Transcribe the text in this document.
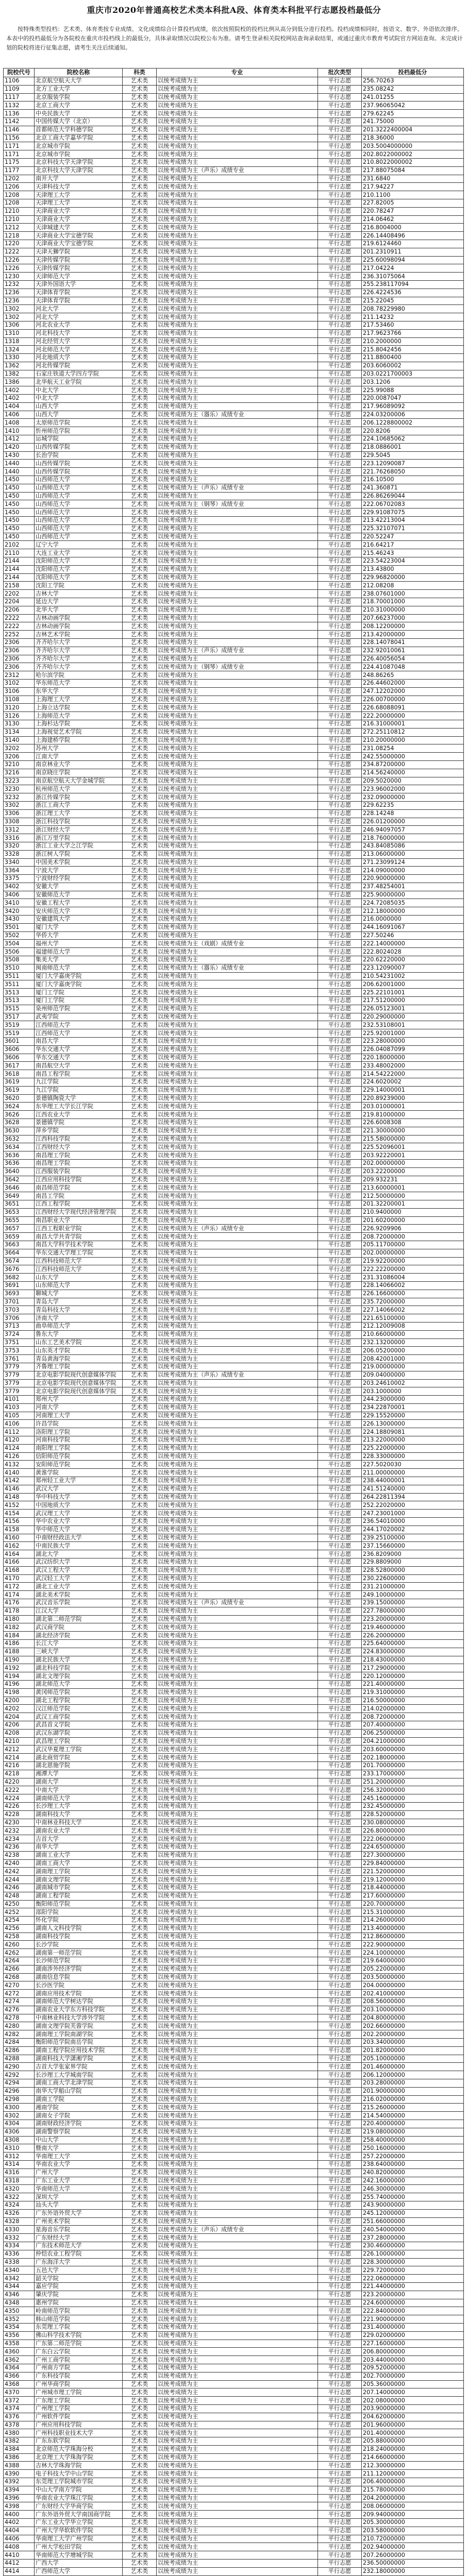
重庆市2020年普通高校艺术类本科批A段、体育类本科批平行志愿投档最低分
按特殊类型投档：艺术类、体育类按专业成绩、文化成绩综合计算投档成绩，依次按照院校的投档比例从高分到低分进行投档。投档成绩相同时，按语文、数学、外语依次排序。本表中的投档最低分为各院校在重庆市投档线上的最低分，具体录取情况以院校公布为准。请考生登录相关院校网站查询录取结果，或通过重庆市教育考试院官方网站查询。未完成计划的院校将进行征集志愿，请考生关注后续通知。
院校代号	院校名称	科类	专业	批次类型	投档最低分
1106	北京航空航天大学	艺术类	以统考成绩为主	平行志愿	256.70263
1109	北方工业大学	艺术类	以统考成绩为主	平行志愿	235.08242
1117	北京服装学院	艺术类	以统考成绩为主	平行志愿	241.01255
1132	北京工商大学	艺术类	以统考成绩为主	平行志愿	237.96065042
1136	中央民族大学	艺术类	以统考成绩为主	平行志愿	279.62245
1142	中国传媒大学（北京）	艺术类	以统考成绩为主	平行志愿	241.75000
1146	首都师范大学科德学院	艺术类	以统考成绩为主	平行志愿	201.3222400004
1156	北京工商大学嘉华学院	艺术类	以统考成绩为主	平行志愿	218.36000
1171	北京城市学院	艺术类	以统考成绩为主	平行志愿	203.5004000000
1171	北京城市学院	艺术类	以统考成绩为主	平行志愿	202.8022000002
1175	北京科技大学天津学院	艺术类	以统考成绩为主	平行志愿	210.8022000002
1177	北京科技大学天津学院	艺术类	以统考成绩为主（声乐）成绩专业	平行志愿	217.88075084
1202	南开大学	艺术类	以统考成绩为主	平行志愿	231.6840
1206	天津科技大学	艺术类	以统考成绩为主	平行志愿	217.94227
1208	天津理工大学	艺术类	以统考成绩为主	平行志愿	210.1100
1208	天津理工大学	艺术类	以统考成绩为主	平行志愿	227.82005
1210	天津商业大学	艺术类	以统考成绩为主	平行志愿	220.78247
1210	天津商业大学	艺术类	以统考成绩为主	平行志愿	214.06462
1212	天津城建大学	艺术类	以统考成绩为主	平行志愿	216.8004000
1218	天津商业大学宝德学院	艺术类	以统考成绩为主	平行志愿	226.14408496
1220	天津商业大学宝德学院	艺术类	以统考成绩为主	平行志愿	219.6124460
1222	天津天狮学院	艺术类	以统考成绩为主	平行志愿	201.2310911
1226	天津传媒学院	艺术类	以统考成绩为主	平行志愿	225.60098094
1226	天津传媒学院	艺术类	以统考成绩为主	平行志愿	217.04224
1230	天津师范大学	艺术类	以统考成绩为主	平行志愿	236.31075064
1232	天津外国语大学	艺术类	以统考成绩为主	平行志愿	255.238117094
1236	天津体育学院	艺术类	以统考成绩为主	平行志愿	226.4224536
1236	天津体育学院	艺术类	以统考成绩为主	平行志愿	215.22045
1302	河北大学	艺术类	以统考成绩为主	平行志愿	208.78229980
1302	河北大学	艺术类	以统考成绩为主	平行志愿	211.14232
1306	河北农业大学	艺术类	以统考成绩为主	平行志愿	217.53460
1310	河北科技大学	艺术类	以统考成绩为主	平行志愿	217.9623766
1318	河北经贸大学	艺术类	以统考成绩为主	平行志愿	210.2000000
1324	河北师范大学	艺术类	以统考成绩为主	平行志愿	215.8042456
1330	河北地质大学	艺术类	以统考成绩为主	平行志愿	211.8800400
1362	河北传媒学院	艺术类	以统考成绩为主	平行志愿	203.6060002
1382	石家庄铁道大学四方学院	艺术类	以统考成绩为主	平行志愿	203.0221700003
1386	北华航天工业学院	艺术类	以统考成绩为主	平行志愿	203.1206
1402	中北大学	艺术类	以统考成绩为主	平行志愿	225.99088
1402	中北大学	艺术类	以统考成绩为主	平行志愿	220.0087047
1404	山西大学	艺术类	以统考成绩为主	平行志愿	217.96089092
1406	山西大学	艺术类	以统考成绩为主（器乐）成绩专业	平行志愿	224.03200006
1408	太原师范学院	艺术类	以统考成绩为主	平行志愿	206.1228800002
1410	忻州师范学院	艺术类	以统考成绩为主	平行志愿	220.8206
1412	运城学院	艺术类	以统考成绩为主	平行志愿	224.10685062
1420	山西传媒学院	艺术类	以统考成绩为主	平行志愿	218.0886001
1430	长治学院	艺术类	以统考成绩为主	平行志愿	229.5045
1440	山西传媒学院	艺术类	以统考成绩为主	平行志愿	223.12090087
1440	山西传媒学院	艺术类	以统考成绩为主	平行志愿	221.76268050
1450	山西师范大学	艺术类	以统考成绩为主	平行志愿	216.10500
1450	山西师范大学	艺术类	以统考成绩为主（声乐）成绩专业	平行志愿	241.360871
1450	山西师范大学	艺术类	以统考成绩为主	平行志愿	226.86269044
1450	山西师范大学	艺术类	以统考成绩为主（钢琴）成绩专业	平行志愿	222.06702083
1450	山西师范大学	艺术类	以统考成绩为主	平行志愿	229.91087075
1450	山西师范大学	艺术类	以统考成绩为主	平行志愿	213.42213004
1450	山西师范大学	艺术类	以统考成绩为主	平行志愿	225.32107071
1450	山西师范大学	艺术类	以统考成绩为主	平行志愿	220.52247
2102	辽宁大学	艺术类	以统考成绩为主	平行志愿	216.64217
2110	大连工业大学	艺术类	以统考成绩为主	平行志愿	215.46243
2144	沈阳师范大学	艺术类	以统考成绩为主	平行志愿	223.54223004
2144	沈阳师范大学	艺术类	以统考成绩为主	平行志愿	213.43800
2144	沈阳师范大学	艺术类	以统考成绩为主	平行志愿	229.96820000
2158	沈阳工学院	艺术类	以统考成绩为主	平行志愿	212.08208
2202	吉林大学	艺术类	以统考成绩为主	平行志愿	238.07601000
2204	延边大学	艺术类	以统考成绩为主	平行志愿	218.70001000
2206	北华大学	艺术类	以统考成绩为主	平行志愿	210.31000000
2222	吉林动画学院	艺术类	以统考成绩为主	平行志愿	207.66237000
2222	吉林动画学院	艺术类	以统考成绩为主	平行志愿	208.12200000
2252	吉林艺术学院	艺术类	以统考成绩为主	平行志愿	213.42000000
2306	齐齐哈尔大学	艺术类	以统考成绩为主	平行志愿	228.14078041
2306	齐齐哈尔大学	艺术类	以统考成绩为主（声乐）成绩专业	平行志愿	232.92010061
2306	齐齐哈尔大学	艺术类	以统考成绩为主	平行志愿	226.40056054
2306	齐齐哈尔大学	艺术类	以统考成绩为主（钢琴）成绩专业	平行志愿	224.41087048
2312	哈尔滨学院	艺术类	以统考成绩为主	平行志愿	248.86265
3102	华东师范大学	艺术类	以统考成绩为主	平行志愿	226.44602000
3106	东华大学	艺术类	以统考成绩为主	平行志愿	247.12202000
3108	上海理工大学	艺术类	以统考成绩为主	平行志愿	226.00700000
3120	上海立达学院	艺术类	以统考成绩为主	平行志愿	226.68088091
3126	上海师范大学	艺术类	以统考成绩为主	平行志愿	222.20000000
3130	上海杉达学院	艺术类	以统考成绩为主	平行志愿	216.31000001
3134	上海视觉艺术学院	艺术类	以统考成绩为主	平行志愿	272.25110812
3140	上海建桥学院	艺术类	以统考成绩为主	平行志愿	210.20000000
3202	苏州大学	艺术类	以统考成绩为主	平行志愿	231.08254
3206	江南大学	艺术类	以统考成绩为主	平行志愿	242.55000000
3210	南京林业大学	艺术类	以统考成绩为主	平行志愿	234.87200000
3216	南京晓庄学院	艺术类	以统考成绩为主	平行志愿	214.56240000
3223	南京航空航天大学金城学院	艺术类	以统考成绩为主	平行志愿	209.5020000
3230	杭州师范大学	艺术类	以统考成绩为主	平行志愿	223.96002000
3232	浙江传媒学院	艺术类	以统考成绩为主	平行志愿	232.09000000
3302	浙江工商大学	艺术类	以统考成绩为主	平行志愿	229.62235
3306	浙江理工大学	艺术类	以统考成绩为主	平行志愿	228.14248
3308	浙江科技学院	艺术类	以统考成绩为主	平行志愿	226.01200000
3312	浙江财经大学	艺术类	以统考成绩为主	平行志愿	246.94097057
3316	浙江万里学院	艺术类	以统考成绩为主	平行志愿	218.76000000
3320	浙江工业大学之江学院	艺术类	以统考成绩为主	平行志愿	243.84085086
3328	浙江树人学院	艺术类	以统考成绩为主	平行志愿	213.06000000
3340	中国美术学院	艺术类	以统考成绩为主	平行志愿	271.23099124
3364	宁波大学	艺术类	以统考成绩为主	平行志愿	214.09000000
3375	宁波财经学院	艺术类	以统考成绩为主	平行志愿	220.90000000
3402	安徽大学	艺术类	以统考成绩为主	平行志愿	237.48254001
3406	安徽师范大学	艺术类	以统考成绩为主	平行志愿	225.90000000
3410	安徽工程大学	艺术类	以统考成绩为主	平行志愿	224.72085035
3420	安庆师范大学	艺术类	以统考成绩为主	平行志愿	212.18000000
3430	安徽建筑大学	艺术类	以统考成绩为主	平行志愿	216.0000000
3501	厦门大学	艺术类	以统考成绩为主	平行志愿	244.16091067
3502	华侨大学	艺术类	以统考成绩为主	平行志愿	227.50246
3504	福州大学	艺术类	以统考成绩为主（戏剧）成绩专业	平行志愿	222.14000000
3506	福建师范大学	艺术类	以统考成绩为主	平行志愿	222.8024028
3508	集美大学	艺术类	以统考成绩为主	平行志愿	220.62220000
3510	闽南师范大学	艺术类	以统考成绩为主（器乐）成绩专业	平行志愿	223.12090007
3511	厦门大学嘉庚学院	艺术类	以统考成绩为主	平行志愿	210.54231002
3511	厦门大学嘉庚学院	艺术类	以统考成绩为主	平行志愿	206.62001000
3513	厦门工学院	艺术类	以统考成绩为主	平行志愿	225.22101001
3513	厦门工学院	艺术类	以统考成绩为主	平行志愿	217.51200000
3515	泉州师范学院	艺术类	以统考成绩为主	平行志愿	226.05123001
3517	武夷学院	艺术类	以统考成绩为主	平行志愿	220.29000000
3519	江西师范大学	艺术类	以统考成绩为主	平行志愿	232.53108001
3519	江西师范大学	艺术类	以统考成绩为主	平行志愿	225.92001000
3601	南昌大学	艺术类	以统考成绩为主	平行志愿	223.28000000
3606	华东交通大学	艺术类	以统考成绩为主	平行志愿	226.04087099
3606	华东交通大学	艺术类	以统考成绩为主	平行志愿	220.18000000
3617	南昌航空大学	艺术类	以统考成绩为主	平行志愿	233.48002000
3618	南昌工程学院	艺术类	以统考成绩为主	平行志愿	214.54222000
3619	九江学院	艺术类	以统考成绩为主	平行志愿	224.6020002
3619	九江学院	艺术类	以统考成绩为主	平行志愿	229.14000001
3620	景德镇陶瓷大学	艺术类	以统考成绩为主	平行志愿	220.89239000
3624	东华理工大学长江学院	艺术类	以统考成绩为主	平行志愿	203.01000001
3626	江西农业大学	艺术类	以统考成绩为主	平行志愿	219.81000000
3628	景德镇学院	艺术类	以统考成绩为主	平行志愿	226.6008308
3630	萍乡学院	艺术类	以统考成绩为主	平行志愿	221.30000000
3632	江西科技学院	艺术类	以统考成绩为主	平行志愿	215.58000000
3634	江西财经大学	艺术类	以统考成绩为主	平行志愿	225.52096001
3636	南昌理工学院	艺术类	以统考成绩为主	平行志愿	203.92220001
3636	南昌理工学院	艺术类	以统考成绩为主	平行志愿	202.00000000
3640	江西服装学院	艺术类	以统考成绩为主	平行志愿	203.22200000
3642	江西应用科技学院	艺术类	以统考成绩为主	平行志愿	209.932231
3646	南昌师范学院	艺术类	以统考成绩为主	平行志愿	213.60000001
3649	南昌工学院	艺术类	以统考成绩为主	平行志愿	212.50000000
3651	江西工程学院	艺术类	以统考成绩为主	平行志愿	201.32200001
3653	江西财经大学现代经济管理学院	艺术类	以统考成绩为主	平行志愿	210.9400000
3655	南昌职业大学	艺术类	以统考成绩为主	平行志愿	201.60200000
3657	江西工程职业学院	艺术类	以统考成绩为主（声乐）成绩专业	平行志愿	226.9209906
3659	南昌大学共青学院	艺术类	以统考成绩为主	平行志愿	208.72000000
3663	南昌大学科学技术学院	艺术类	以统考成绩为主	平行志愿	205.11700000
3664	华东交通大学理工学院	艺术类	以统考成绩为主	平行志愿	202.00000000
3674	江西科技师范大学	艺术类	以统考成绩为主	平行志愿	219.92200000
3676	江西科技师范大学	艺术类	以统考成绩为主	平行志愿	222.22200000
3682	山东大学	艺术类	以统考成绩为主	平行志愿	231.31086004
3691	山东师范大学	艺术类	以统考成绩为主	平行志愿	228.14066002
3693	聊城大学	艺术类	以统考成绩为主	平行志愿	226.16600000
3701	青岛大学	艺术类	以统考成绩为主	平行志愿	235.72000000
3703	青岛科技大学	艺术类	以统考成绩为主	平行志愿	227.14066002
3706	济南大学	艺术类	以统考成绩为主	平行志愿	221.65100000
3713	曲阜师范大学	艺术类	以统考成绩为主	平行志愿	212.12009008
3724	鲁东大学	艺术类	以统考成绩为主	平行志愿	210.66000000
3751	山东工艺美术学院	艺术类	以统考成绩为主	平行志愿	232.13200000
3753	山东英才学院	艺术类	以统考成绩为主	平行志愿	206.05200000
3761	青岛黄海学院	艺术类	以统考成绩为主	平行志愿	208.42001000
3779	齐鲁理工学院	艺术类	以统考成绩为主	平行志愿	219.00000000
3779	北京电影学院现代创意媒体学院	艺术类	以统考成绩为主（声乐）成绩专业	平行志愿	209.04000000
3779	北京电影学院现代创意媒体学院	艺术类	以统考成绩为主	平行志愿	203.24610002
3779	北京电影学院现代创意媒体学院	艺术类	以统考成绩为主	平行志愿	203.1000000
4101	郑州大学	艺术类	以统考成绩为主	平行志愿	244.23000000
4103	河南大学	艺术类	以统考成绩为主	平行志愿	234.22870001
4105	河南理工大学	艺术类	以统考成绩为主	平行志愿	229.15520000
4106	许昌学院	艺术类	以统考成绩为主	平行志愿	226.13000000
4112	洛阳理工学院	艺术类	以统考成绩为主	平行志愿	224.18809081
4120	河南科技学院	艺术类	以统考成绩为主	平行志愿	213.22000000
4124	南阳理工学院	艺术类	以统考成绩为主	平行志愿	225.22000000
4126	信阳师范学院	艺术类	以统考成绩为主	平行志愿	228.33000000
4132	安阳师范学院	艺术类	以统考成绩为主	平行志愿	227.5020030
4140	黄淮学院	艺术类	以统考成绩为主	平行志愿	211.00000000
4142	郑州轻工业大学	艺术类	以统考成绩为主	平行志愿	238.44000001
4146	武汉大学	艺术类	以统考成绩为主	平行志愿	241.51240000
4148	华中科技大学	艺术类	以统考成绩为主	平行志愿	264.22811394
4152	中国地质大学	艺术类	以统考成绩为主	平行志愿	252.22020000
4154	武汉理工大学	艺术类	以统考成绩为主	平行志愿	247.23001000
4156	华中农业大学	艺术类	以统考成绩为主	平行志愿	236.54010000
4158	华中师范大学	艺术类	以统考成绩为主	平行志愿	244.17020002
4160	中南财经政法大学	艺术类	以统考成绩为主	平行志愿	239.25100000
4162	中南民族大学	艺术类	以统考成绩为主	平行志愿	237.15660000
4164	湖北大学	艺术类	以统考成绩为主	平行志愿	236.8209000
4166	武汉纺织大学	艺术类	以统考成绩为主	平行志愿	229.8809000
4168	武汉工程大学	艺术类	以统考成绩为主	平行志愿	228.52800000
4170	武汉轻工大学	艺术类	以统考成绩为主	平行志愿	230.22600000
4172	湖北工业大学	艺术类	以统考成绩为主	平行志愿	231.21000000
4174	湖北美术学院	艺术类	以统考成绩为主	平行志愿	249.10000000
4176	武汉音乐学院	艺术类	以统考成绩为主（声乐）成绩专业	平行志愿	239.15000000
4178	江汉大学	艺术类	以统考成绩为主	平行志愿	227.78000000
4180	湖北第二师范学院	艺术类	以统考成绩为主	平行志愿	223.20000000
4182	武汉商学院	艺术类	以统考成绩为主	平行志愿	219.46000000
4184	湖北经济学院	艺术类	以统考成绩为主	平行志愿	226.20000000
4186	长江大学	艺术类	以统考成绩为主	平行志愿	225.64000000
4188	三峡大学	艺术类	以统考成绩为主	平行志愿	224.83000000
4190	湖北民族大学	艺术类	以统考成绩为主	平行志愿	218.43000000
4192	湖北科技学院	艺术类	以统考成绩为主	平行志愿	217.29000000
4194	湖北文理学院	艺术类	以统考成绩为主	平行志愿	220.12000000
4196	湖北师范大学	艺术类	以统考成绩为主	平行志愿	221.40000000
4198	黄冈师范学院	艺术类	以统考成绩为主	平行志愿	219.31000000
4200	湖北工程学院	艺术类	以统考成绩为主	平行志愿	216.50000000
4202	汉江师范学院	艺术类	以统考成绩为主	平行志愿	214.02000000
4204	武汉工商学院	艺术类	以统考成绩为主	平行志愿	208.72000000
4206	武昌首义学院	艺术类	以统考成绩为主	平行志愿	207.40000000
4208	武汉东湖学院	艺术类	以统考成绩为主	平行志愿	206.25000000
4210	武昌理工学院	艺术类	以统考成绩为主	平行志愿	204.21000000
4212	武汉华夏理工学院	艺术类	以统考成绩为主	平行志愿	203.60000000
4214	湖北商贸学院	艺术类	以统考成绩为主	平行志愿	202.18000000
4216	湖北恩施学院	艺术类	以统考成绩为主	平行志愿	201.70000000
4218	湘潭大学	艺术类	以统考成绩为主	平行志愿	233.17000000
4220	湖南大学	艺术类	以统考成绩为主	平行志愿	251.20000000
4222	中南大学	艺术类	以统考成绩为主	平行志愿	256.32000000
4224	湖南师范大学	艺术类	以统考成绩为主	平行志愿	245.16000000
4226	长沙理工大学	艺术类	以统考成绩为主	平行志愿	232.45000000
4228	湖南科技大学	艺术类	以统考成绩为主	平行志愿	228.52000000
4230	中南林业科技大学	艺术类	以统考成绩为主	平行志愿	230.08000000
4232	湖南农业大学	艺术类	以统考成绩为主	平行志愿	226.80000000
4234	吉首大学	艺术类	以统考成绩为主	平行志愿	222.06000000
4236	南华大学	艺术类	以统考成绩为主	平行志愿	224.65000000
4238	湖南工业大学	艺术类	以统考成绩为主	平行志愿	227.30000000
4240	湖南工商大学	艺术类	以统考成绩为主	平行志愿	229.84000000
4242	湖南理工学院	艺术类	以统考成绩为主	平行志愿	221.52000000
4244	湖南文理学院	艺术类	以统考成绩为主	平行志愿	219.12000000
4246	湖南城市学院	艺术类	以统考成绩为主	平行志愿	218.44000000
4248	湖南工程学院	艺术类	以统考成绩为主	平行志愿	217.60000000
4250	衡阳师范学院	艺术类	以统考成绩为主	平行志愿	220.70000000
4252	邵阳学院	艺术类	以统考成绩为主	平行志愿	215.31000000
4254	怀化学院	艺术类	以统考成绩为主	平行志愿	214.26000000
4256	湖南人文科技学院	艺术类	以统考成绩为主	平行志愿	213.40000000
4258	湖南科技学院	艺术类	以统考成绩为主	平行志愿	212.86000000
4260	长沙学院	艺术类	以统考成绩为主	平行志愿	222.90000000
4262	湖南第一师范学院	艺术类	以统考成绩为主	平行志愿	224.10000000
4264	长沙师范学院	艺术类	以统考成绩为主	平行志愿	219.64000000
4266	湖南涉外经济学院	艺术类	以统考成绩为主	平行志愿	205.22000000
4268	湖南信息学院	艺术类	以统考成绩为主	平行志愿	203.50000000
4270	长沙医学院	艺术类	以统考成绩为主	平行志愿	204.00000000
4272	湖南应用技术学院	艺术类	以统考成绩为主	平行志愿	202.41000000
4274	湖南师范大学树达学院	艺术类	以统考成绩为主	平行志愿	208.56000000
4276	湖南农业大学东方科技学院	艺术类	以统考成绩为主	平行志愿	203.10000000
4278	中南林业科技大学涉外学院	艺术类	以统考成绩为主	平行志愿	204.80000000
4280	湖南文理学院芙蓉学院	艺术类	以统考成绩为主	平行志愿	202.66000000
4282	湖南理工学院南湖学院	艺术类	以统考成绩为主	平行志愿	202.20000000
4284	衡阳师范学院南岳学院	艺术类	以统考成绩为主	平行志愿	203.34000000
4286	湖南工程学院应用技术学院	艺术类	以统考成绩为主	平行志愿	201.82000000
4288	湖南科技大学潇湘学院	艺术类	以统考成绩为主	平行志愿	205.10000000
4290	吉首大学张家界学院	艺术类	以统考成绩为主	平行志愿	201.46000000
4292	长沙理工大学城南学院	艺术类	以统考成绩为主	平行志愿	206.12000000
4294	湖南工商大学北津学院	艺术类	以统考成绩为主	平行志愿	203.28000000
4296	南华大学船山学院	艺术类	以统考成绩为主	平行志愿	201.90000000
4298	湖南工学院	艺术类	以统考成绩为主	平行志愿	216.02000000
4300	湘南学院	艺术类	以统考成绩为主	平行志愿	215.26000000
4302	湖南女子学院	艺术类	以统考成绩为主	平行志愿	214.54000000
4304	湖南财政经济学院	艺术类	以统考成绩为主	平行志愿	220.40000000
4306	湖南警察学院	艺术类	以统考成绩为主	平行志愿	219.08000000
4308	中山大学	艺术类	以统考成绩为主	平行志愿	258.40000000
4310	暨南大学	艺术类	以统考成绩为主	平行志愿	250.16000000
4312	华南理工大学	艺术类	以统考成绩为主	平行志愿	257.22000000
4314	华南农业大学	艺术类	以统考成绩为主	平行志愿	238.64000000
4316	广州大学	艺术类	以统考成绩为主	平行志愿	240.82000000
4318	广东工业大学	艺术类	以统考成绩为主	平行志愿	242.16000000
4320	华南师范大学	艺术类	以统考成绩为主	平行志愿	246.30000000
4322	深圳大学	艺术类	以统考成绩为主	平行志愿	255.74000000
4324	汕头大学	艺术类	以统考成绩为主	平行志愿	243.90000000
4326	广东外语外贸大学	艺术类	以统考成绩为主	平行志愿	245.12000000
4328	广州美术学院	艺术类	以统考成绩为主	平行志愿	251.66000000
4330	星海音乐学院	艺术类	以统考成绩为主（声乐）成绩专业	平行志愿	240.54000000
4332	广东财经大学	艺术类	以统考成绩为主	平行志愿	237.28000000
4334	广东技术师范大学	艺术类	以统考成绩为主	平行志愿	230.46000000
4336	仲恺农业工程学院	艺术类	以统考成绩为主	平行志愿	226.10000000
4338	广东海洋大学	艺术类	以统考成绩为主	平行志愿	228.30000000
4340	五邑大学	艺术类	以统考成绩为主	平行志愿	229.72000000
4342	韶关学院	艺术类	以统考成绩为主	平行志愿	222.06000000
4344	嘉应学院	艺术类	以统考成绩为主	平行志愿	221.44000000
4346	肇庆学院	艺术类	以统考成绩为主	平行志愿	223.20000000
4348	惠州学院	艺术类	以统考成绩为主	平行志愿	224.60000000
4350	岭南师范学院	艺术类	以统考成绩为主	平行志愿	222.84000000
4352	韩山师范学院	艺术类	以统考成绩为主	平行志愿	221.90000000
4354	东莞理工学院	艺术类	以统考成绩为主	平行志愿	231.40000000
4356	佛山科学技术学院	艺术类	以统考成绩为主	平行志愿	229.02000000
4358	广东第二师范学院	艺术类	以统考成绩为主	平行志愿	227.16000000
4360	广东白云学院	艺术类	以统考成绩为主	平行志愿	206.80000000
4362	广州工商学院	艺术类	以统考成绩为主	平行志愿	203.44000000
4364	广州南方学院	艺术类	以统考成绩为主	平行志愿	209.52000000
4366	广东科技学院	艺术类	以统考成绩为主	平行志愿	202.70000000
4368	广州华商学院	艺术类	以统考成绩为主	平行志愿	205.36000000
4370	广州城市理工学院	艺术类	以统考成绩为主	平行志愿	207.14000000
4372	广东理工学院	艺术类	以统考成绩为主	平行志愿	202.08000000
4374	广州理工学院	艺术类	以统考成绩为主	平行志愿	203.90000000
4376	广州软件学院	艺术类	以统考成绩为主	平行志愿	204.62000000
4378	广州应用科技学院	艺术类	以统考成绩为主	平行志愿	201.96000000
4380	广州科技职业技术大学	艺术类	以统考成绩为主	平行志愿	201.40000000
4382	广东东软学院	艺术类	以统考成绩为主	平行志愿	205.88000000
4384	北京师范大学珠海分校	艺术类	以统考成绩为主	平行志愿	218.24000000
4386	北京理工大学珠海学院	艺术类	以统考成绩为主	平行志愿	214.66000000
4388	吉林大学珠海学院	艺术类	以统考成绩为主	平行志愿	212.30000000
4390	电子科技大学中山学院	艺术类	以统考成绩为主	平行志愿	211.12000000
4392	东莞理工学院城市学院	艺术类	以统考成绩为主	平行志愿	206.40000000
4394	中山大学南方学院	艺术类	以统考成绩为主	平行志愿	215.78000000
4396	华南农业大学珠江学院	艺术类	以统考成绩为主	平行志愿	204.20000000
4398	广东财经大学华商学院	艺术类	以统考成绩为主	平行志愿	208.06000000
4400	广东外语外贸大学南国商学院	艺术类	以统考成绩为主	平行志愿	209.94000000
4402	广东工业大学华立学院	艺术类	以统考成绩为主	平行志愿	205.30000000
4404	广州大学华软软件学院	艺术类	以统考成绩为主	平行志愿	203.58000000
4406	华南理工大学广州学院	艺术类	以统考成绩为主	平行志愿	210.72000000
4408	广州大学松田学院	艺术类	以统考成绩为主	平行志愿	202.94000000
4410	华南师范大学增城学院	艺术类	以统考成绩为主	平行志愿	207.26000000
4412	广西大学	艺术类	以统考成绩为主	平行志愿	236.50000000
4414	广西师范大学	艺术类	以统考成绩为主	平行志愿	232.18000000
